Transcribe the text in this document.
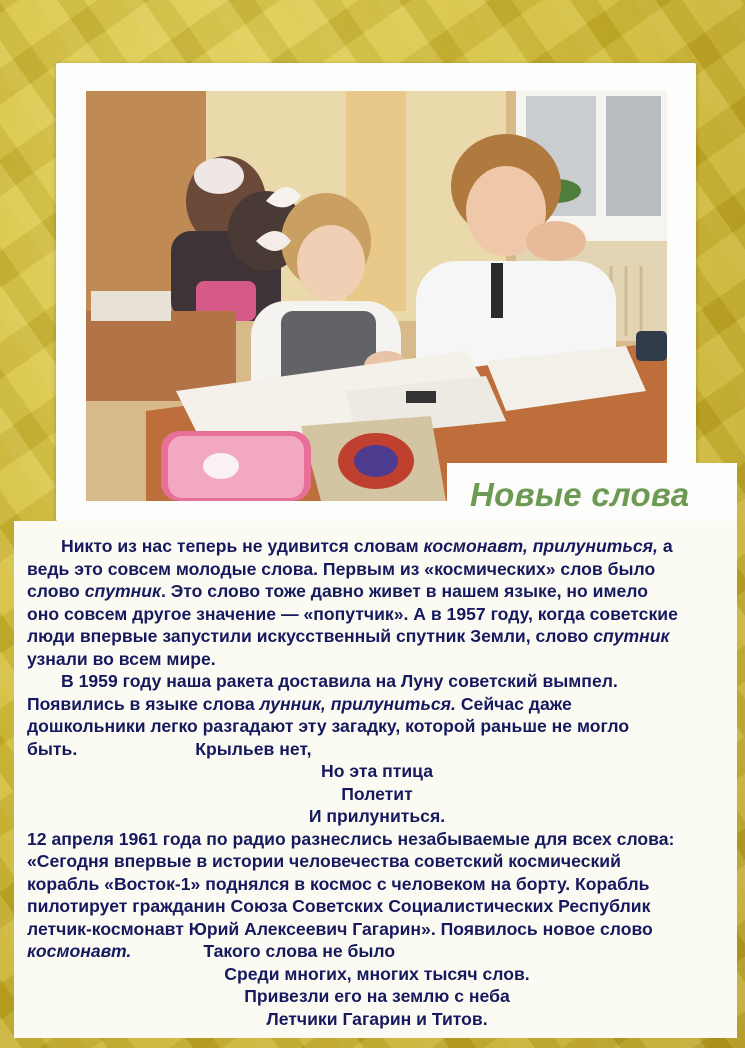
Новые слова
Никто из нас теперь не удивится словам космонавт, прилуниться, а
ведь это совсем молодые слова. Первым из «космических» слов было
слово спутник. Это слово тоже давно живет в нашем языке, но имело
оно совсем другое значение — «попутчик». А в 1957 году, когда советские
люди впервые запустили искусственный спутник Земли, слово спутник
узнали во всем мире.
В 1959 году наша ракета доставила на Луну советский вымпел.
Появились в языке слова лунник, прилуниться. Сейчас даже
дошкольники легко разгадают эту загадку, которой раньше не могло
быть.	Крыльев нет,
Но эта птица
Полетит
И прилуниться.
12 апреля 1961 года по радио разнеслись незабываемые для всех слова:
«Сегодня впервые в истории человечества советский космический
корабль «Восток-1» поднялся в космос с человеком на борту. Корабль
пилотирует гражданин Союза Советских Социалистических Республик
летчик-космонавт Юрий Алексеевич Гагарин». Появилось новое слово
космонавт.	Такого слова не было
Среди многих, многих тысяч слов.
Привезли его на землю с неба
Летчики Гагарин и Титов.
